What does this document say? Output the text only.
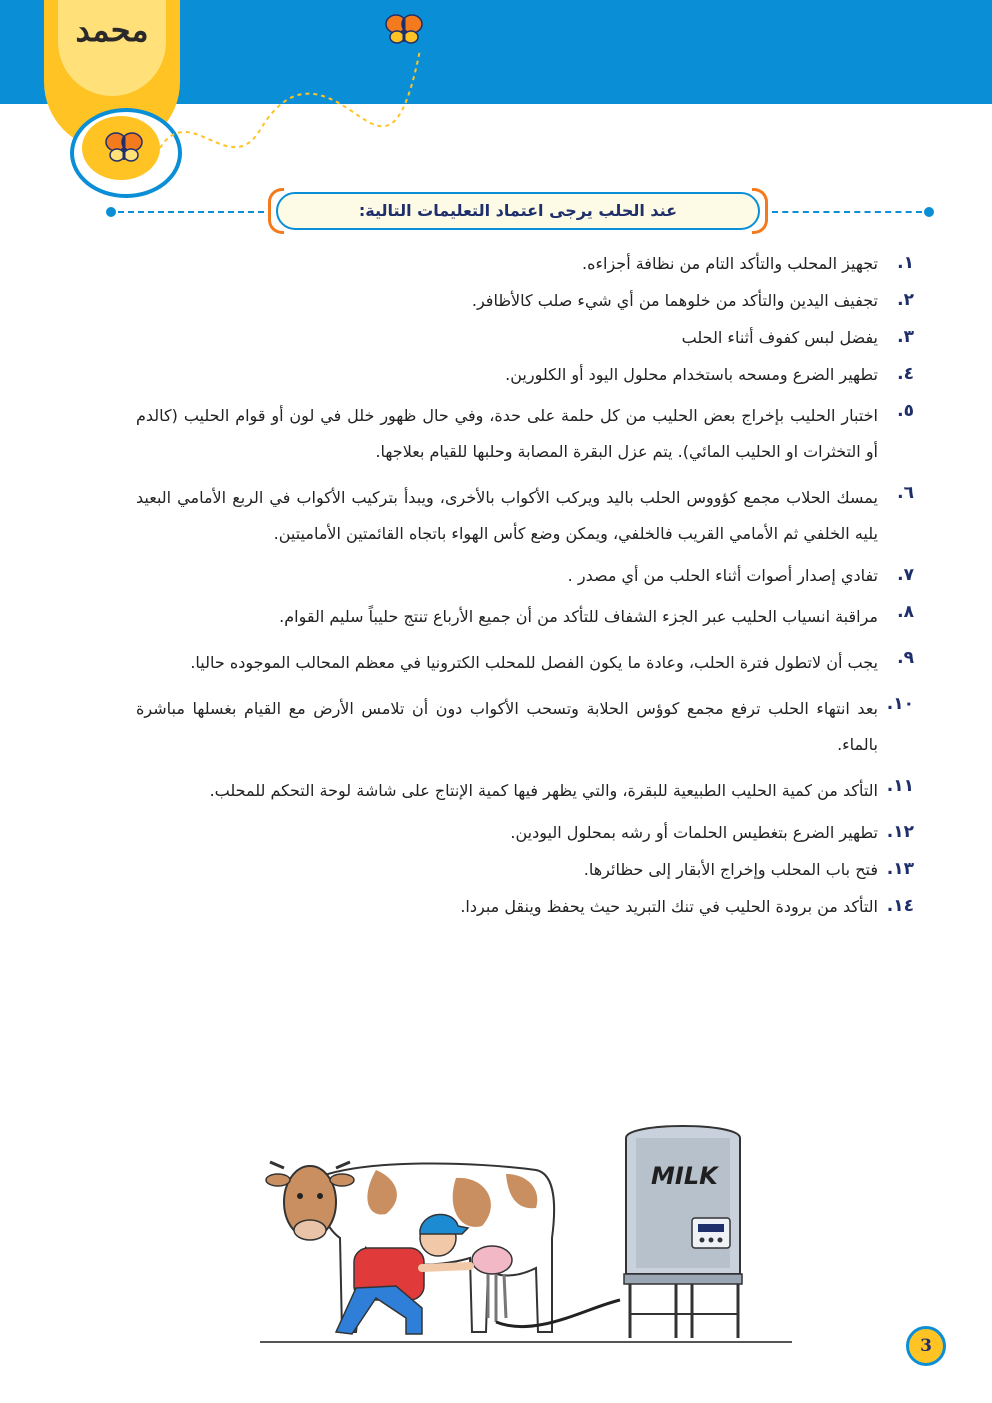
محمد
عند الحلب يرجى اعتماد التعليمات التالية:
١.
تجهيز المحلب والتأكد التام من نظافة أجزاءه.
٢.
تجفيف اليدين والتأكد من خلوهما من أي شيء صلب كالأظافر.
٣.
يفضل لبس كفوف أثناء الحلب
٤.
تطهير الضرع ومسحه باستخدام محلول اليود أو الكلورين.
٥.
اختبار الحليب بإخراج بعض الحليب من كل حلمة على حدة، وفي حال ظهور خلل في لون أو قوام الحليب (كالدم أو التخثرات او الحليب المائي). يتم عزل البقرة المصابة وحلبها للقيام بعلاجها.
٦.
يمسك الحلاب مجمع كؤووس الحلب باليد ويركب الأكواب بالأخرى، ويبدأ بتركيب الأكواب في الربع الأمامي البعيد يليه الخلفي ثم الأمامي القريب فالخلفي، ويمكن وضع كأس الهواء باتجاه القائمتين الأماميتين.
٧.
تفادي إصدار أصوات أثناء الحلب من أي مصدر .
٨.
مراقبة انسياب الحليب عبر الجزء الشفاف للتأكد من أن جميع الأرباع تنتج حليباً سليم القوام.
٩.
يجب أن لاتطول فترة الحلب، وعادة ما يكون الفصل للمحلب الكترونيا في معظم المحالب الموجوده حاليا.
١٠.
بعد انتهاء الحلب ترفع مجمع كوؤس الحلابة وتسحب الأكواب دون أن تلامس الأرض مع القيام بغسلها مباشرة بالماء.
١١.
التأكد من كمية الحليب الطبيعية للبقرة، والتي يظهر فيها كمية الإنتاج على شاشة لوحة التحكم للمحلب.
١٢.
تطهير الضرع بتغطيس الحلمات أو رشه بمحلول اليودين.
١٣.
فتح باب المحلب وإخراج الأبقار إلى حظائرها.
١٤.
التأكد من برودة الحليب في تنك التبريد حيث يحفظ وينقل مبردا.
MILK
3
